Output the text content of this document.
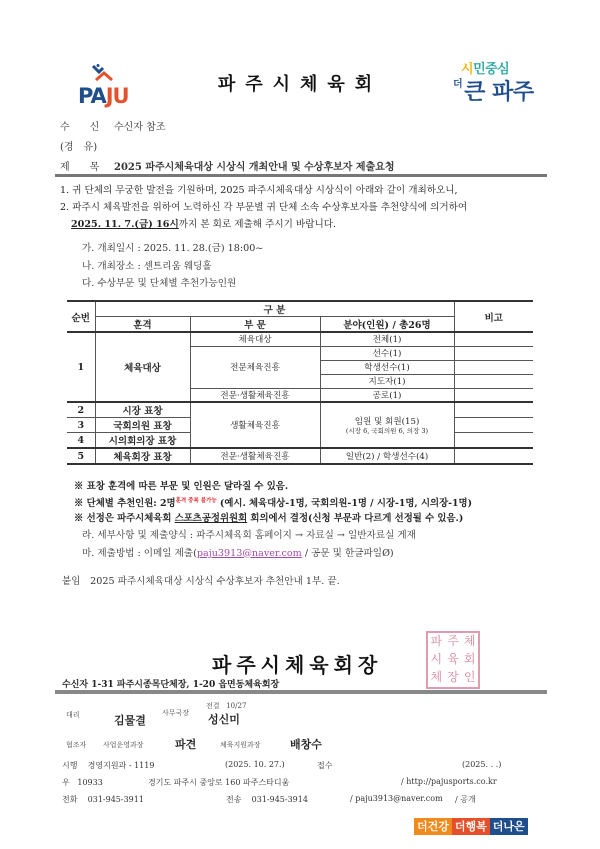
PAJU	파주시체육회
시민중심
$^더$큰 파주
수　　신 수신자 참조
(경　유)
제　　목 2025 파주시체육대상 시상식 개최안내 및 수상후보자 제출요청
1. 귀 단체의 무궁한 발전을 기원하며, 2025 파주시체육대상 시상식이 아래와 같이 개최하오니,
2. 파주시 체육발전을 위하여 노력하신 각 부문별 귀 단체 소속 수상후보자를 추천양식에 의거하여
2025. 11. 7.(금) 16시까지 본 회로 제출해 주시기 바랍니다.
가. 개최일시 : 2025. 11. 28.(금) 18:00~
나. 개최장소 : 센트리움 웨딩홀
다. 수상부문 및 단체별 추천가능인원
순번	구 분			비고
	훈격	부 문	분야(인원) / 총26명	
1	체육대상	체육대상	전체(1)	
		전문체육진흥	선수(1)	
			학생선수(1)	
			지도자(1)	
		전문·생활체육진흥	공로(1)	
2	시장 표창	생활체육진흥	임원 및 회원(15)
(시장 6, 국회의원 6, 의장 3)	

3	국회의원 표창			
4	시의회의장 표창			
5	체육회장 표창	전문·생활체육진흥	일반(2) / 학생선수(4)	
※ 표창 훈격에 따른 부문 및 인원은 달라질 수 있음.
※ 단체별 추천인원: 2명$^{훈격 중복 불가능}$ (예시. 체육대상-1명, 국회의원-1명 / 시장-1명, 시의장-1명)
※ 선정은 파주시체육회 스포츠공정위원회 회의에서 결정(신청 부문과 다르게 선정될 수 있음.)
라. 세부사항 및 제출양식 : 파주시체육회 홈페이지 → 자료실 → 일반자료실 게재
마. 제출방법 : 이메일 제출(paju3913@naver.com / 공문 및 한글파일Ø)
붙임　2025 파주시체육대상 시상식 수상후보자 추천안내 1부. 끝.
파주시체육회장
파 주 체
시 육 회
체 장 인
수신자 1-31 파주시종목단체장, 1-20 읍면동체육회장
대리	김물결
사무국장
전결 10/27
성신미
협조자 사업운영과장	파견	체육지원과장	배창수
시행 경영지원과 - 1119	(2025. 10. 27.)	접수	(2025. . .)
우 10933	경기도 파주시 중앙로 160 파주스타디움	/ http://pajusports.co.kr
전화 031-945-3911	전송 031-945-3914	/ paju3913@naver.com / 공개
더건강 더행복 더나은
